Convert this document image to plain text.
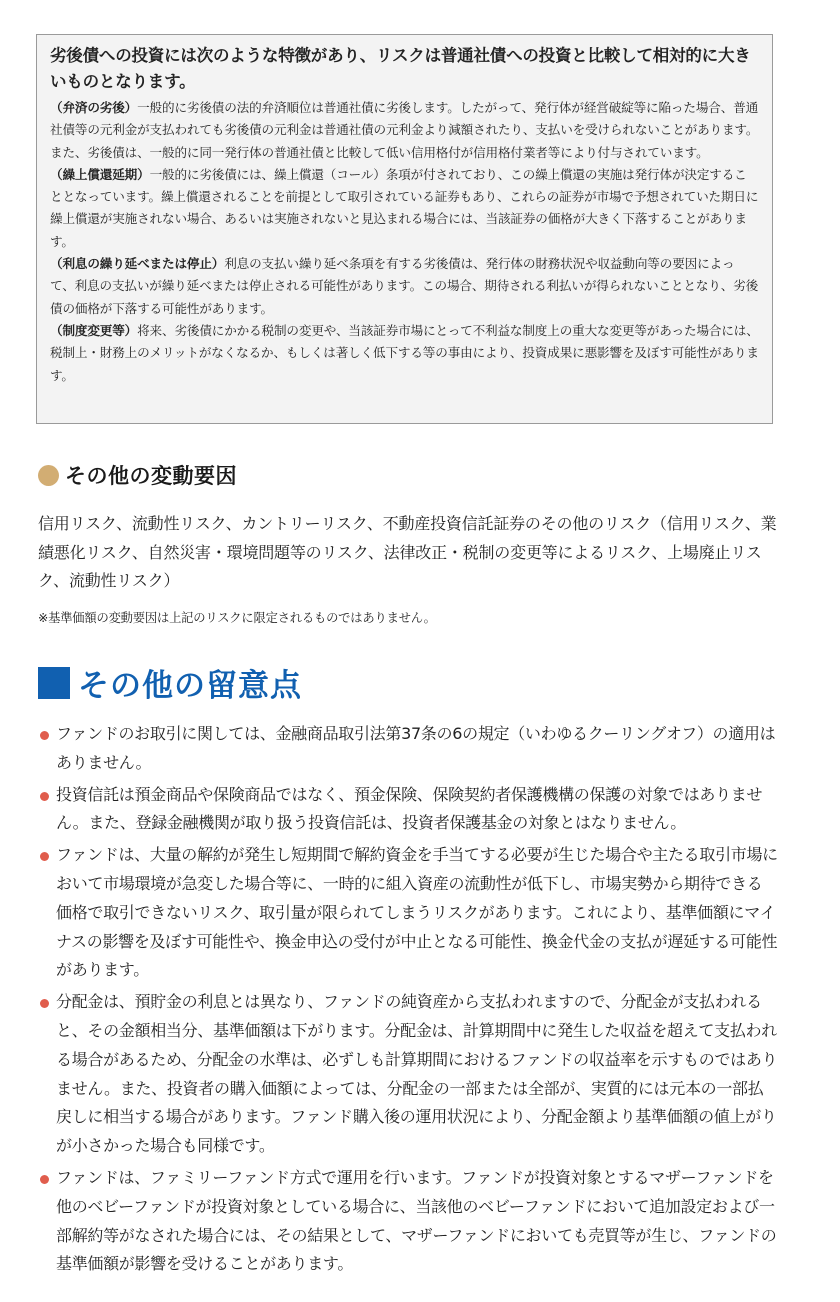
劣後債への投資には次のような特徴があり、リスクは普通社債への投資と比較して相対的に大きいものとなります。

（弁済の劣後）一般的に劣後債の法的弁済順位は普通社債に劣後します。したがって、発行体が経営破綻等に陥った場合、普通社債等の元利金が支払われても劣後債の元利金は普通社債の元利金より減額されたり、支払いを受けられないことがあります。また、劣後債は、一般的に同一発行体の普通社債と比較して低い信用格付が信用格付業者等により付与されています。

（繰上償還延期）一般的に劣後債には、繰上償還（コール）条項が付されており、この繰上償還の実施は発行体が決定することとなっています。繰上償還されることを前提として取引されている証券もあり、これらの証券が市場で予想されていた期日に繰上償還が実施されない場合、あるいは実施されないと見込まれる場合には、当該証券の価格が大きく下落することがあります。

（利息の繰り延べまたは停止）利息の支払い繰り延べ条項を有する劣後債は、発行体の財務状況や収益動向等の要因によって、利息の支払いが繰り延べまたは停止される可能性があります。この場合、期待される利払いが得られないこととなり、劣後債の価格が下落する可能性があります。

（制度変更等）将来、劣後債にかかる税制の変更や、当該証券市場にとって不利益な制度上の重大な変更等があった場合には、税制上・財務上のメリットがなくなるか、もしくは著しく低下する等の事由により、投資成果に悪影響を及ぼす可能性があります。

その他の変動要因

信用リスク、流動性リスク、カントリーリスク、不動産投資信託証券のその他のリスク（信用リスク、業績悪化リスク、自然災害・環境問題等のリスク、法律改正・税制の変更等によるリスク、上場廃止リスク、流動性リスク）

※基準価額の変動要因は上記のリスクに限定されるものではありません。

その他の留意点
ファンドのお取引に関しては、金融商品取引法第37条の6の規定（いわゆるクーリングオフ）の適用はありません。
投資信託は預金商品や保険商品ではなく、預金保険、保険契約者保護機構の保護の対象ではありません。また、登録金融機関が取り扱う投資信託は、投資者保護基金の対象とはなりません。
ファンドは、大量の解約が発生し短期間で解約資金を手当てする必要が生じた場合や主たる取引市場において市場環境が急変した場合等に、一時的に組入資産の流動性が低下し、市場実勢から期待できる価格で取引できないリスク、取引量が限られてしまうリスクがあります。これにより、基準価額にマイナスの影響を及ぼす可能性や、換金申込の受付が中止となる可能性、換金代金の支払が遅延する可能性があります。
分配金は、預貯金の利息とは異なり、ファンドの純資産から支払われますので、分配金が支払われると、その金額相当分、基準価額は下がります。分配金は、計算期間中に発生した収益を超えて支払われる場合があるため、分配金の水準は、必ずしも計算期間におけるファンドの収益率を示すものではありません。また、投資者の購入価額によっては、分配金の一部または全部が、実質的には元本の一部払戻しに相当する場合があります。ファンド購入後の運用状況により、分配金額より基準価額の値上がりが小さかった場合も同様です。
ファンドは、ファミリーファンド方式で運用を行います。ファンドが投資対象とするマザーファンドを他のベビーファンドが投資対象としている場合に、当該他のベビーファンドにおいて追加設定および一部解約等がなされた場合には、その結果として、マザーファンドにおいても売買等が生じ、ファンドの基準価額が影響を受けることがあります。
